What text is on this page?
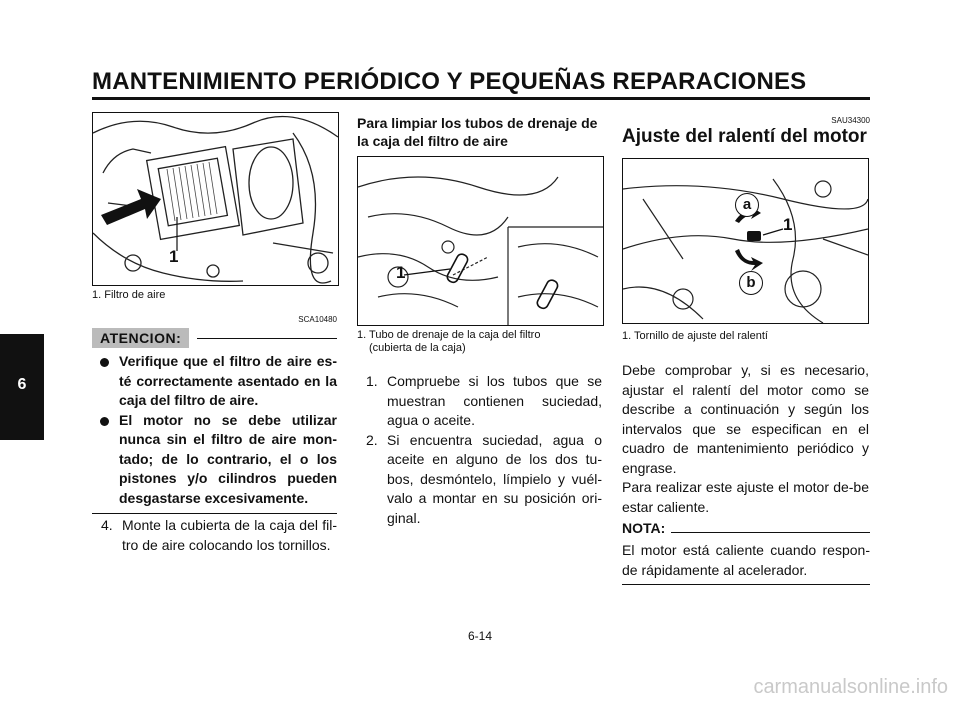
MANTENIMIENTO PERIÓDICO Y PEQUEÑAS REPARACIONES
6
1
1. Filtro de aire
SCA10480
ATENCION:
Verifique que el filtro de aire es-té correctamente asentado en la caja del filtro de aire.
El motor no se debe utilizar nunca sin el filtro de aire mon-tado; de lo contrario, el o los pistones y/o cilindros pueden desgastarse excesivamente.
4. Monte la cubierta de la caja del fil-tro de aire colocando los tornillos.
Para limpiar los tubos de drenaje de la caja del filtro de aire
1
1. Tubo de drenaje de la caja del filtro
(cubierta de la caja)
1. Compruebe si los tubos que se muestran contienen suciedad, agua o aceite.
2. Si encuentra suciedad, agua o aceite en alguno de los dos tu-bos, desmóntelo, límpielo y vuél-valo a montar en su posición ori-ginal.
SAU34300
Ajuste del ralentí del motor
1
a
b
1. Tornillo de ajuste del ralentí
Debe comprobar y, si es necesario, ajustar el ralentí del motor como se describe a continuación y según los intervalos que se especifican en el cuadro de mantenimiento periódico y engrase.
Para realizar este ajuste el motor de-be estar caliente.
NOTA:
El motor está caliente cuando respon-de rápidamente al acelerador.
6-14
carmanualsonline.info
